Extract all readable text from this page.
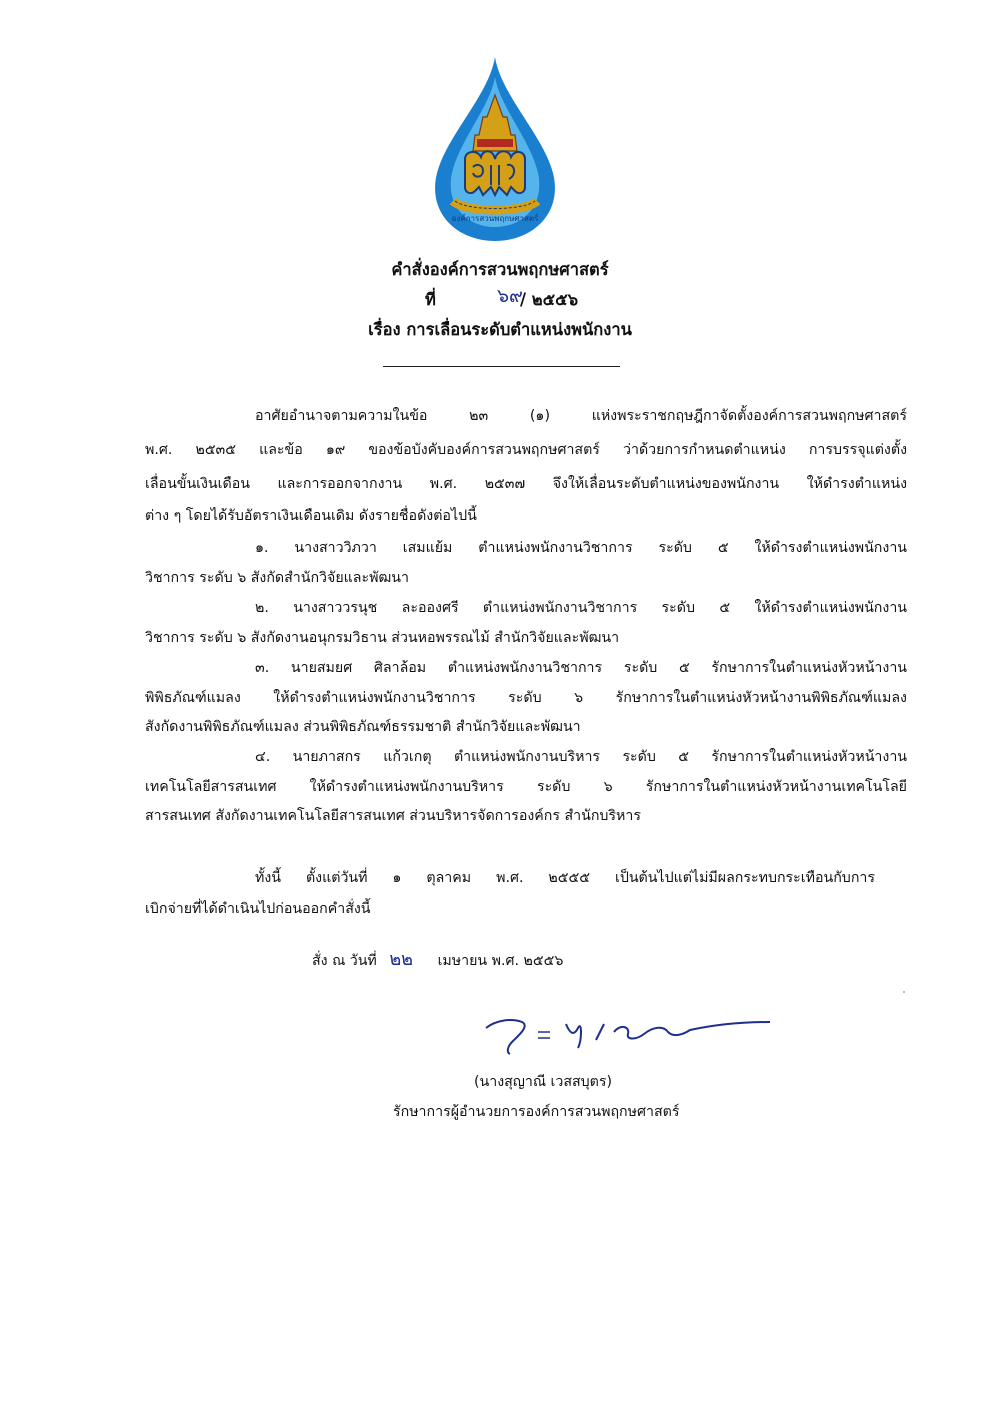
องค์การสวนพฤกษศาสตร์
คำสั่งองค์การสวนพฤกษศาสตร์
ที่	๖๙
/ ๒๕๕๖
เรื่อง การเลื่อนระดับตำแหน่งพนักงาน
อาศัยอำนาจตามความในข้อ ๒๓ (๑) แห่งพระราชกฤษฎีกาจัดตั้งองค์การสวนพฤกษศาสตร์
พ.ศ. ๒๕๓๕ และข้อ ๑๙ ของข้อบังคับองค์การสวนพฤกษศาสตร์ ว่าด้วยการกำหนดตำแหน่ง การบรรจุแต่งตั้ง
เลื่อนขั้นเงินเดือน และการออกจากงาน พ.ศ. ๒๕๓๗ จึงให้เลื่อนระดับตำแหน่งของพนักงาน ให้ดำรงตำแหน่ง
ต่าง ๆ โดยได้รับอัตราเงินเดือนเดิม ดังรายชื่อดังต่อไปนี้
๑. นางสาววิภวา เสมแย้ม ตำแหน่งพนักงานวิชาการ ระดับ ๕ ให้ดำรงตำแหน่งพนักงาน
วิชาการ ระดับ ๖ สังกัดสำนักวิจัยและพัฒนา
๒. นางสาววรนุช ละอองศรี ตำแหน่งพนักงานวิชาการ ระดับ ๕ ให้ดำรงตำแหน่งพนักงาน
วิชาการ ระดับ ๖ สังกัดงานอนุกรมวิธาน ส่วนหอพรรณไม้ สำนักวิจัยและพัฒนา
๓. นายสมยศ ศิลาล้อม ตำแหน่งพนักงานวิชาการ ระดับ ๕ รักษาการในตำแหน่งหัวหน้างาน
พิพิธภัณฑ์แมลง ให้ดำรงตำแหน่งพนักงานวิชาการ ระดับ ๖ รักษาการในตำแหน่งหัวหน้างานพิพิธภัณฑ์แมลง
สังกัดงานพิพิธภัณฑ์แมลง ส่วนพิพิธภัณฑ์ธรรมชาติ สำนักวิจัยและพัฒนา
๔. นายภาสกร แก้วเกตุ ตำแหน่งพนักงานบริหาร ระดับ ๕ รักษาการในตำแหน่งหัวหน้างาน
เทคโนโลยีสารสนเทศ ให้ดำรงตำแหน่งพนักงานบริหาร ระดับ ๖ รักษาการในตำแหน่งหัวหน้างานเทคโนโลยี
สารสนเทศ สังกัดงานเทคโนโลยีสารสนเทศ ส่วนบริหารจัดการองค์กร สำนักบริหาร
ทั้งนี้ ตั้งแต่วันที่ ๑ ตุลาคม พ.ศ. ๒๕๕๕ เป็นต้นไปแต่ไม่มีผลกระทบกระเทือนกับการ
เบิกจ่ายที่ได้ดำเนินไปก่อนออกคำสั่งนี้
สั่ง ณ วันที่ ๒๒ เมษายน พ.ศ. ๒๕๕๖
(นางสุญาณี เวสสบุตร)
รักษาการผู้อำนวยการองค์การสวนพฤกษศาสตร์
